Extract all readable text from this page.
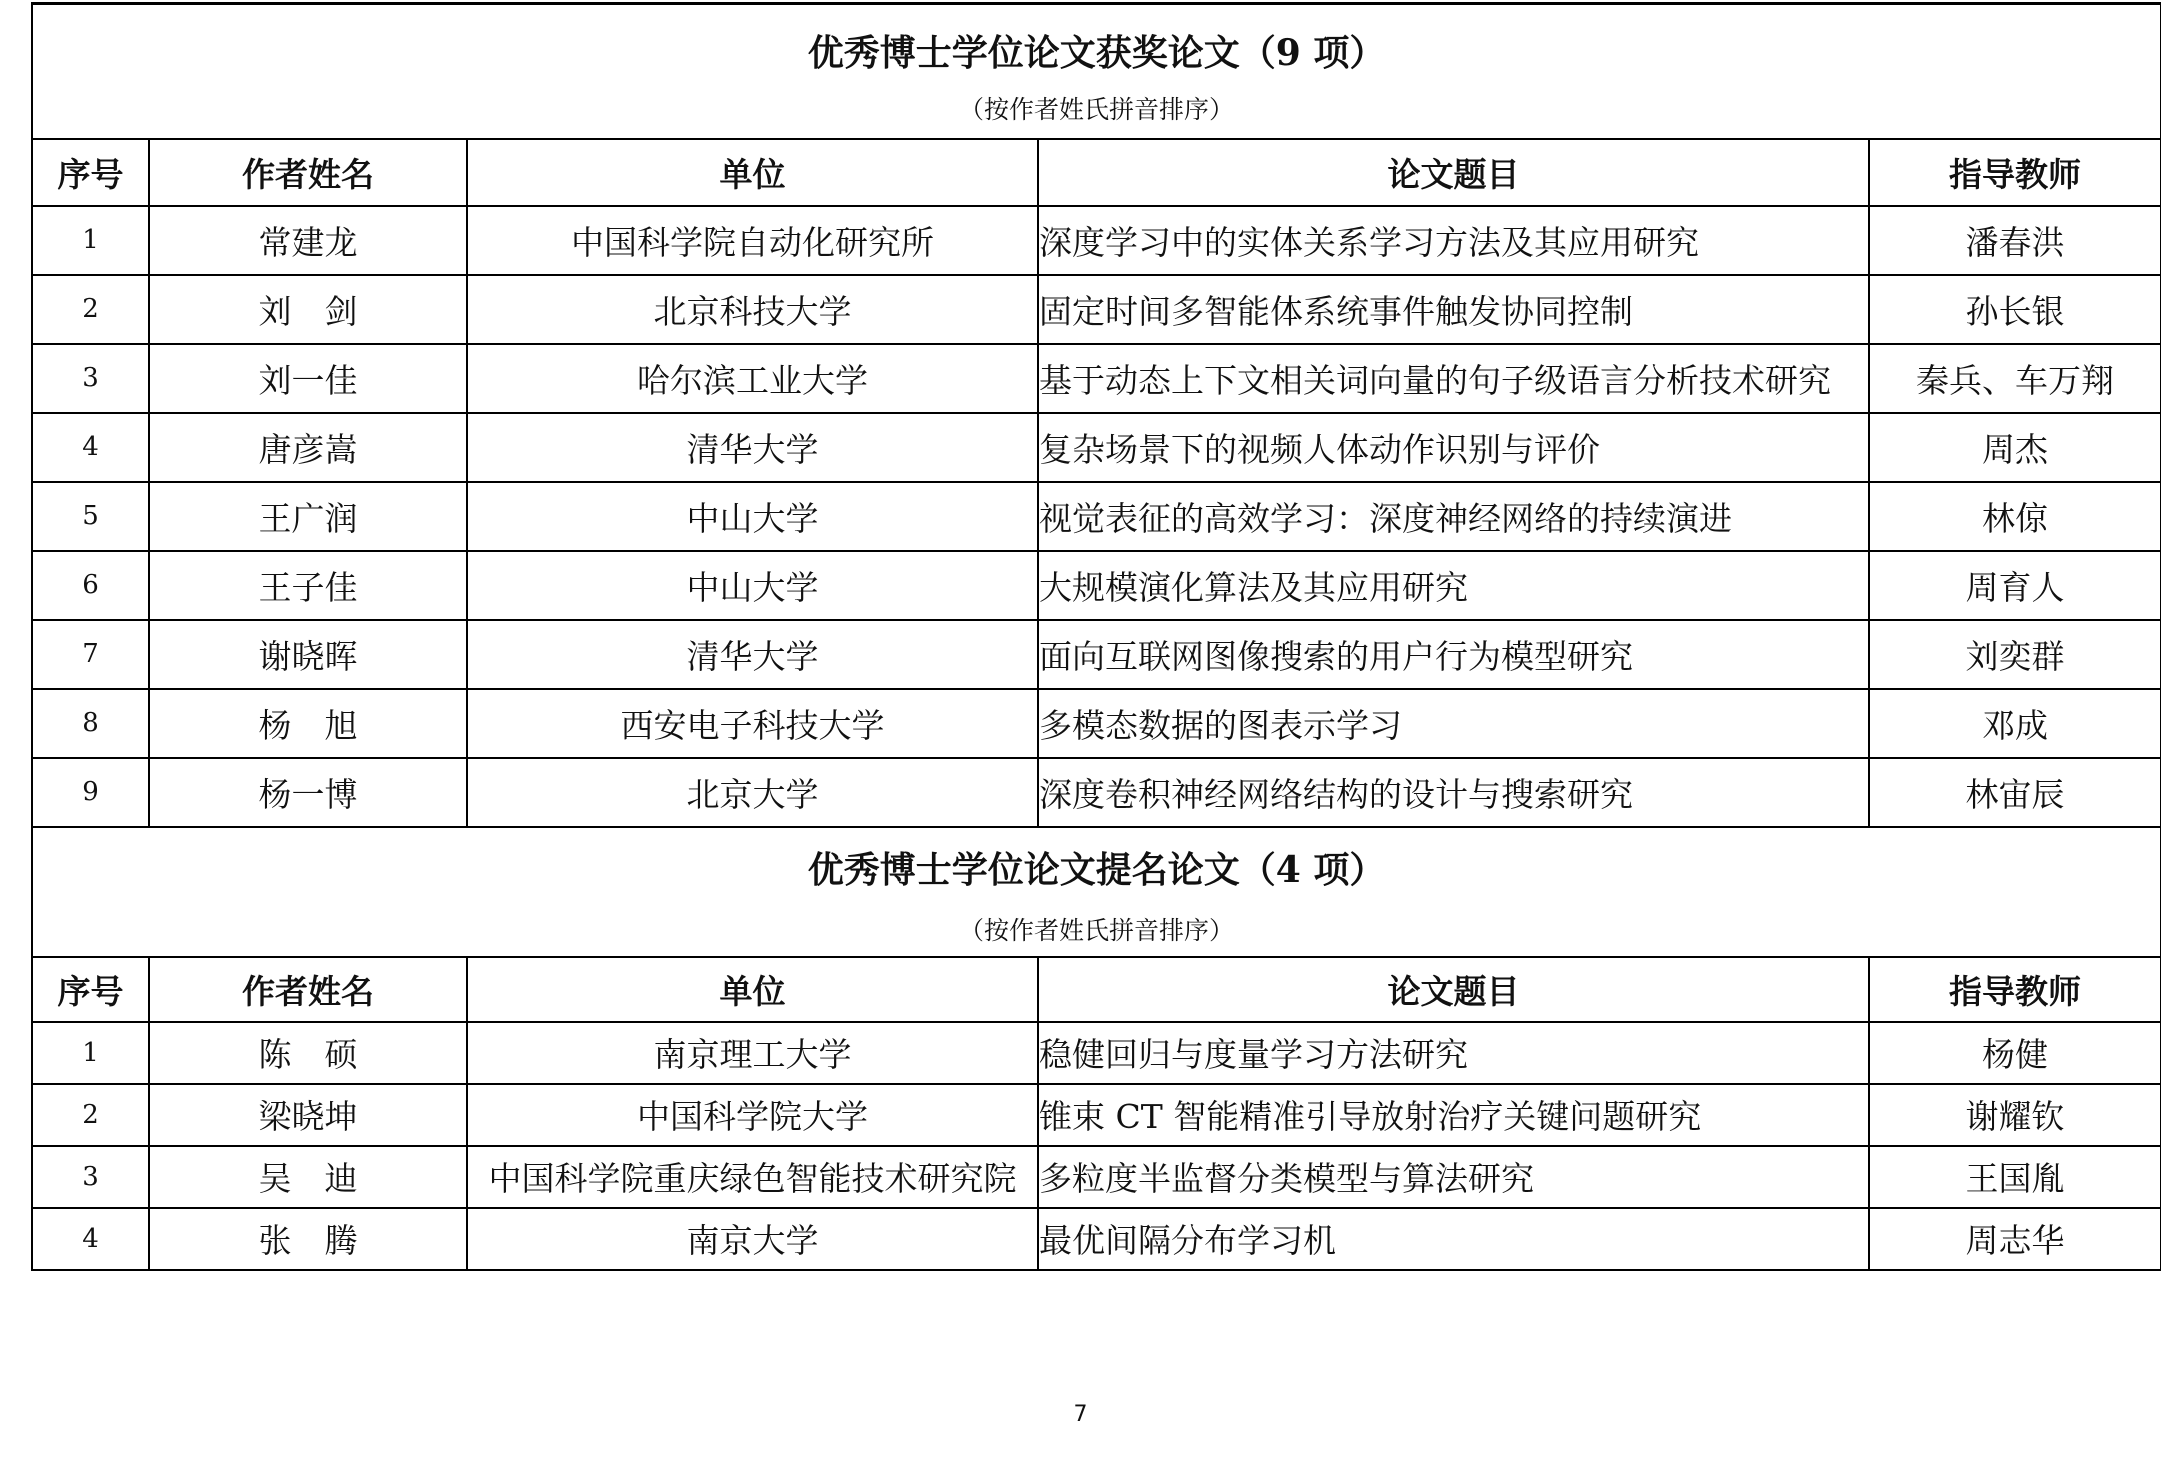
优秀博士学位论文获奖论文（9 项）
（按作者姓氏拼音排序）				

序号	作者姓名	单位	论文题目	指导教师
1	常建龙	中国科学院自动化研究所	深度学习中的实体关系学习方法及其应用研究	潘春洪
2	刘　剑	北京科技大学	固定时间多智能体系统事件触发协同控制	孙长银
3	刘一佳	哈尔滨工业大学	基于动态上下文相关词向量的句子级语言分析技术研究	秦兵、车万翔
4	唐彦嵩	清华大学	复杂场景下的视频人体动作识别与评价	周杰
5	王广润	中山大学	视觉表征的高效学习：深度神经网络的持续演进	林倞
6	王子佳	中山大学	大规模演化算法及其应用研究	周育人
7	谢晓晖	清华大学	面向互联网图像搜索的用户行为模型研究	刘奕群
8	杨　旭	西安电子科技大学	多模态数据的图表示学习	邓成
9	杨一博	北京大学	深度卷积神经网络结构的设计与搜索研究	林宙辰

优秀博士学位论文提名论文（4 项）
（按作者姓氏拼音排序）				

序号	作者姓名	单位	论文题目	指导教师
1	陈　硕	南京理工大学	稳健回归与度量学习方法研究	杨健
2	梁晓坤	中国科学院大学	锥束 CT 智能精准引导放射治疗关键问题研究	谢耀钦
3	吴　迪	中国科学院重庆绿色智能技术研究院	多粒度半监督分类模型与算法研究	王国胤
4	张　腾	南京大学	最优间隔分布学习机	周志华
7
